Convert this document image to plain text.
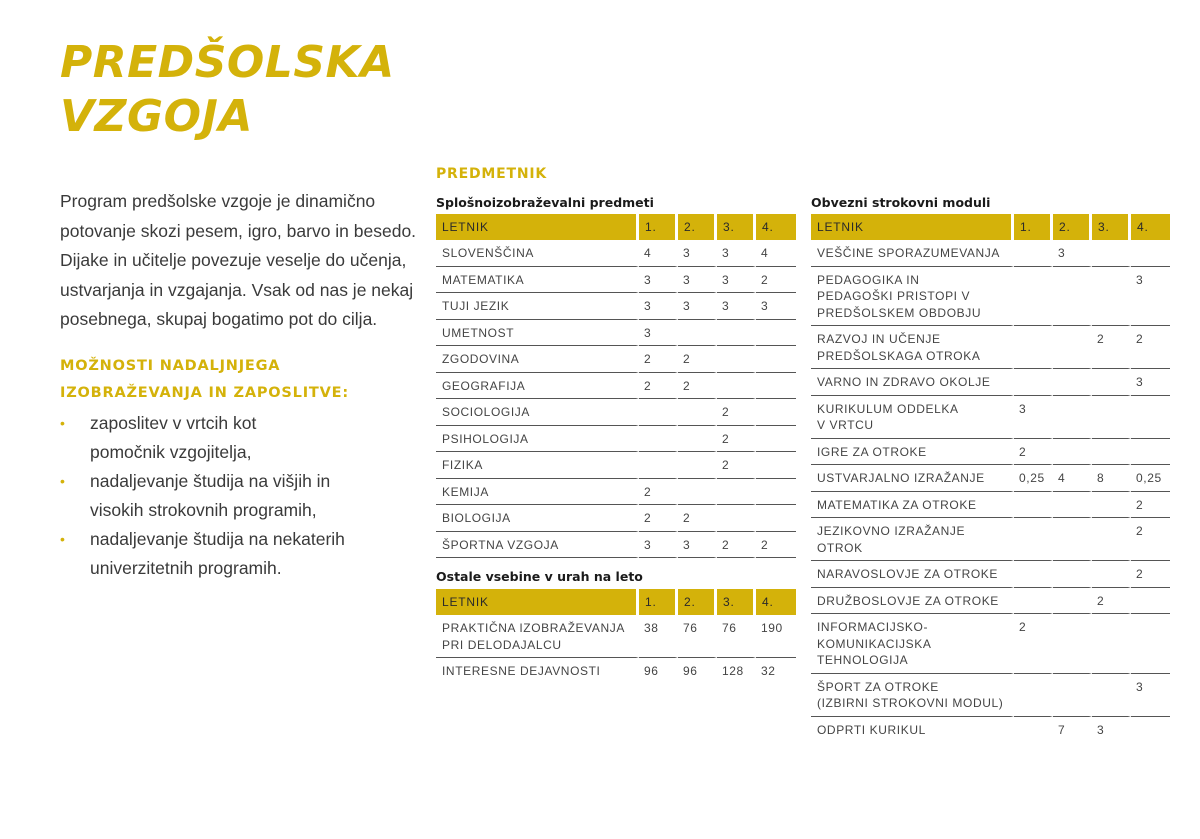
PREDŠOLSKA
VZGOJA

Program predšolske vzgoje je dinamično potovanje skozi pesem, igro, barvo in besedo. Dijake in učitelje povezuje veselje do učenja, ustvarjanja in vzgajanja. Vsak od nas je nekaj posebnega, skupaj bogatimo pot do cilja.

MOŽNOSTI NADALJNJEGA
IZOBRAŽEVANJA IN ZAPOSLITVE:
• zaposlitev v vrtcih kot
pomočnik vzgojitelja,
• nadaljevanje študija na višjih in
visokih strokovnih programih,
• nadaljevanje študija na nekaterih
univerzitetnih programih.
PREDMETNIK
Splošnoizobraževalni predmeti
LETNIK	1.	2.	3.	4.

SLOVENŠČINA	4	3	3	4

MATEMATIKA	3	3	3	2

TUJI JEZIK	3	3	3	3

UMETNOST	3			

ZGODOVINA	2	2		

GEOGRAFIJA	2	2		

SOCIOLOGIJA			2	

PSIHOLOGIJA			2	

FIZIKA			2	

KEMIJA	2			

BIOLOGIJA	2	2		

ŠPORTNA VZGOJA	3	3	2	2
Ostale vsebine v urah na leto
LETNIK	1.	2.	3.	4.

PRAKTIČNA IZOBRAŽEVANJA
PRI DELODAJALCU	38	76	76	190

INTERESNE DEJAVNOSTI	96	96	128	32
Obvezni strokovni moduli
LETNIK	1.	2.	3.	4.

VEŠČINE SPORAZUMEVANJA		3		

PEDAGOGIKA IN
PEDAGOŠKI PRISTOPI V
PREDŠOLSKEM OBDOBJU				3

RAZVOJ IN UČENJE
PREDŠOLSKAGA OTROKA			2	2

VARNO IN ZDRAVO OKOLJE				3

KURIKULUM ODDELKA
V VRTCU	3			

IGRE ZA OTROKE	2			

USTVARJALNO IZRAŽANJE	0,25	4	8	0,25

MATEMATIKA ZA OTROKE				2

JEZIKOVNO IZRAŽANJE
OTROK				2

NARAVOSLOVJE ZA OTROKE				2

DRUŽBOSLOVJE ZA OTROKE			2	

INFORMACIJSKO-
KOMUNIKACIJSKA
TEHNOLOGIJA	2			

ŠPORT ZA OTROKE
(IZBIRNI STROKOVNI MODUL)				3

ODPRTI KURIKUL		7	3	
